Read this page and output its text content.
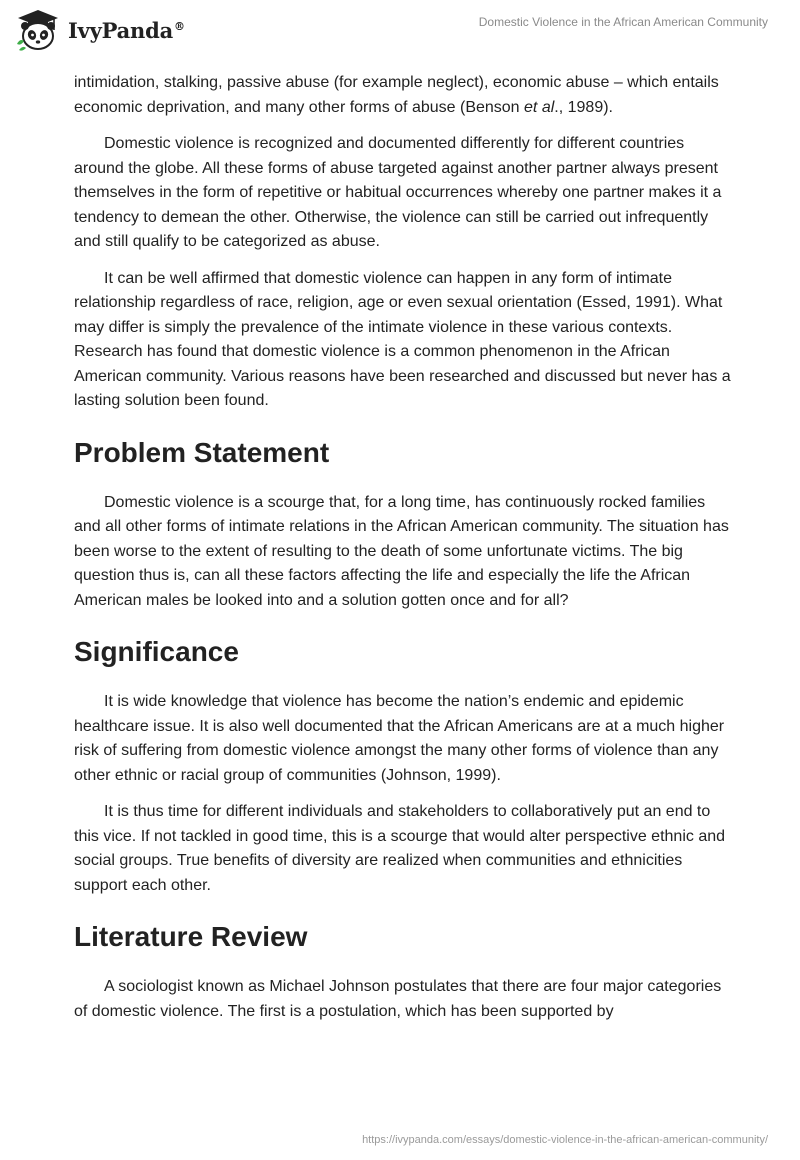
IvyPanda®	Domestic Violence in the African American Community

intimidation, stalking, passive abuse (for example neglect), economic abuse – which entails economic deprivation, and many other forms of abuse (Benson et al., 1989).

Domestic violence is recognized and documented differently for different countries around the globe. All these forms of abuse targeted against another partner always present themselves in the form of repetitive or habitual occurrences whereby one partner makes it a tendency to demean the other. Otherwise, the violence can still be carried out infrequently and still qualify to be categorized as abuse.

It can be well affirmed that domestic violence can happen in any form of intimate relationship regardless of race, religion, age or even sexual orientation (Essed, 1991). What may differ is simply the prevalence of the intimate violence in these various contexts. Research has found that domestic violence is a common phenomenon in the African American community. Various reasons have been researched and discussed but never has a lasting solution been found.

Problem Statement

Domestic violence is a scourge that, for a long time, has continuously rocked families and all other forms of intimate relations in the African American community. The situation has been worse to the extent of resulting to the death of some unfortunate victims. The big question thus is, can all these factors affecting the life and especially the life the African American males be looked into and a solution gotten once and for all?

Significance

It is wide knowledge that violence has become the nation’s endemic and epidemic healthcare issue. It is also well documented that the African Americans are at a much higher risk of suffering from domestic violence amongst the many other forms of violence than any other ethnic or racial group of communities (Johnson, 1999).

It is thus time for different individuals and stakeholders to collaboratively put an end to this vice. If not tackled in good time, this is a scourge that would alter perspective ethnic and social groups. True benefits of diversity are realized when communities and ethnicities support each other.

Literature Review

A sociologist known as Michael Johnson postulates that there are four major categories of domestic violence. The first is a postulation, which has been supported by

https://ivypanda.com/essays/domestic-violence-in-the-african-american-community/
